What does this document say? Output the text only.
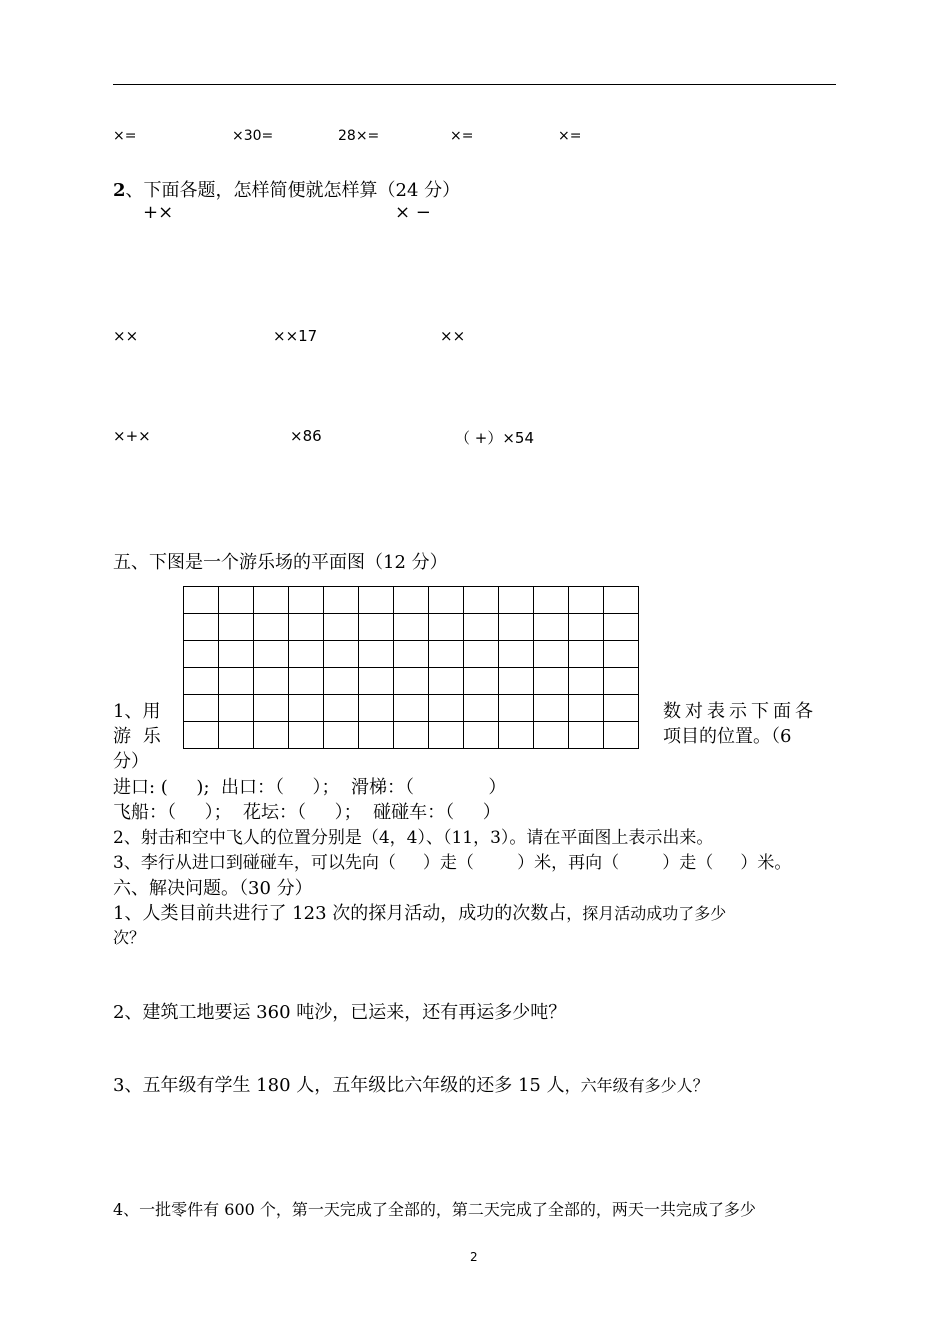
×=	×30=	28×=	×=	×=
2、下面各题，怎样简便就怎样算（24 分）
+×	× −
××	××17	××
×+×	×86	（ +）×54
五、下图是一个游乐场的平面图（12 分）

1、用
游 乐
分）
数对表示下面各
项目的位置。（6
进口: (     );  出口：（     ）；  滑梯：（             ）
飞船：（     ）；  花坛：（     ）；  碰碰车：（     ）
2、射击和空中飞人的位置分别是（4，4）、（11，3）。请在平面图上表示出来。
3、李行从进口到碰碰车，可以先向（     ）走（        ）米，再向（        ）走（     ）米。
六、解决问题。（30 分）
1、人类目前共进行了 123 次的探月活动，成功的次数占，探月活动成功了多少
次？
2、建筑工地要运 360 吨沙，已运来，还有再运多少吨？
3、五年级有学生 180 人，五年级比六年级的还多 15 人，六年级有多少人？
4、一批零件有 600 个，第一天完成了全部的，第二天完成了全部的，两天一共完成了多少
2
